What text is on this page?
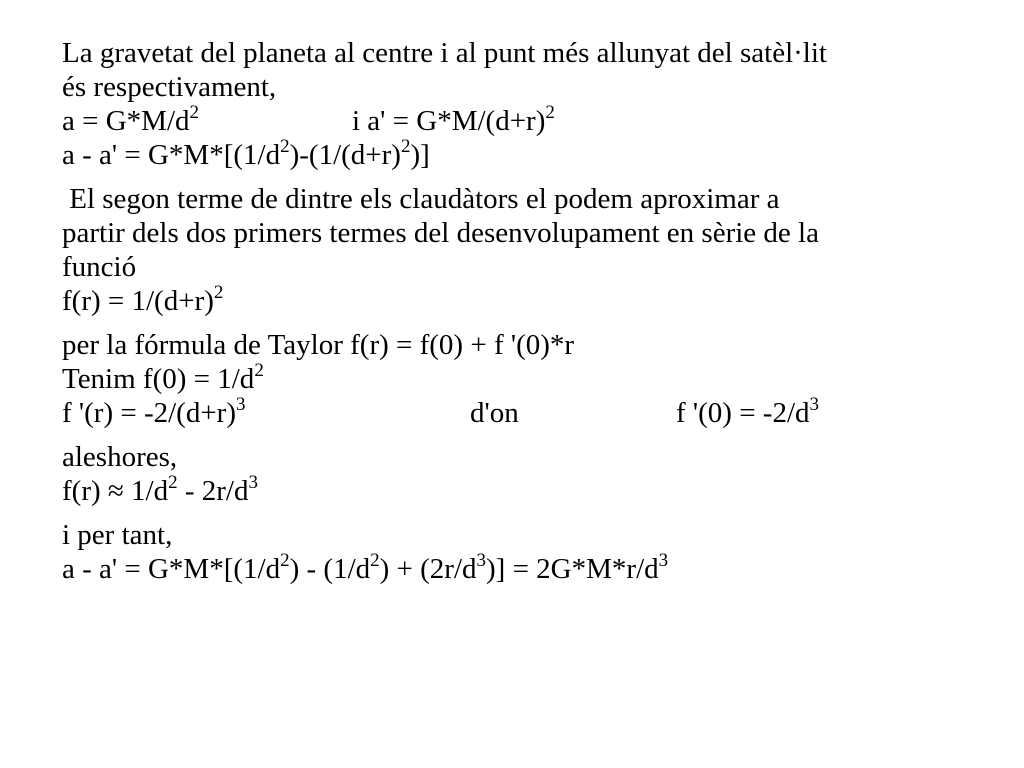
La gravetat del planeta al centre i al punt més allunyat del satèl·lit
és respectivament,
$a = G*M/d^2$	i $a' = G*M/(d+r)^2$
$a - a' = G*M*[(1/d^2)-(1/(d+r)^2)]$
El segon terme de dintre els claudàtors el podem aproximar a
partir dels dos primers termes del desenvolupament en sèrie de la
funció
$f(r) = 1/(d+r)^2$
per la fórmula de Taylor f(r) = f(0) + f '(0)*r
Tenim $f(0) = 1/d^2$
f '$(r) = -2/(d+r)^3$	d'on	f '$(0) = -2/d^3$
aleshores,
$f(r) \approx 1/d^2 - 2r/d^3$
i per tant,
$a - a' = G*M*[(1/d^2) - (1/d^2) + (2r/d^3)] = 2G*M*r/d^3$
